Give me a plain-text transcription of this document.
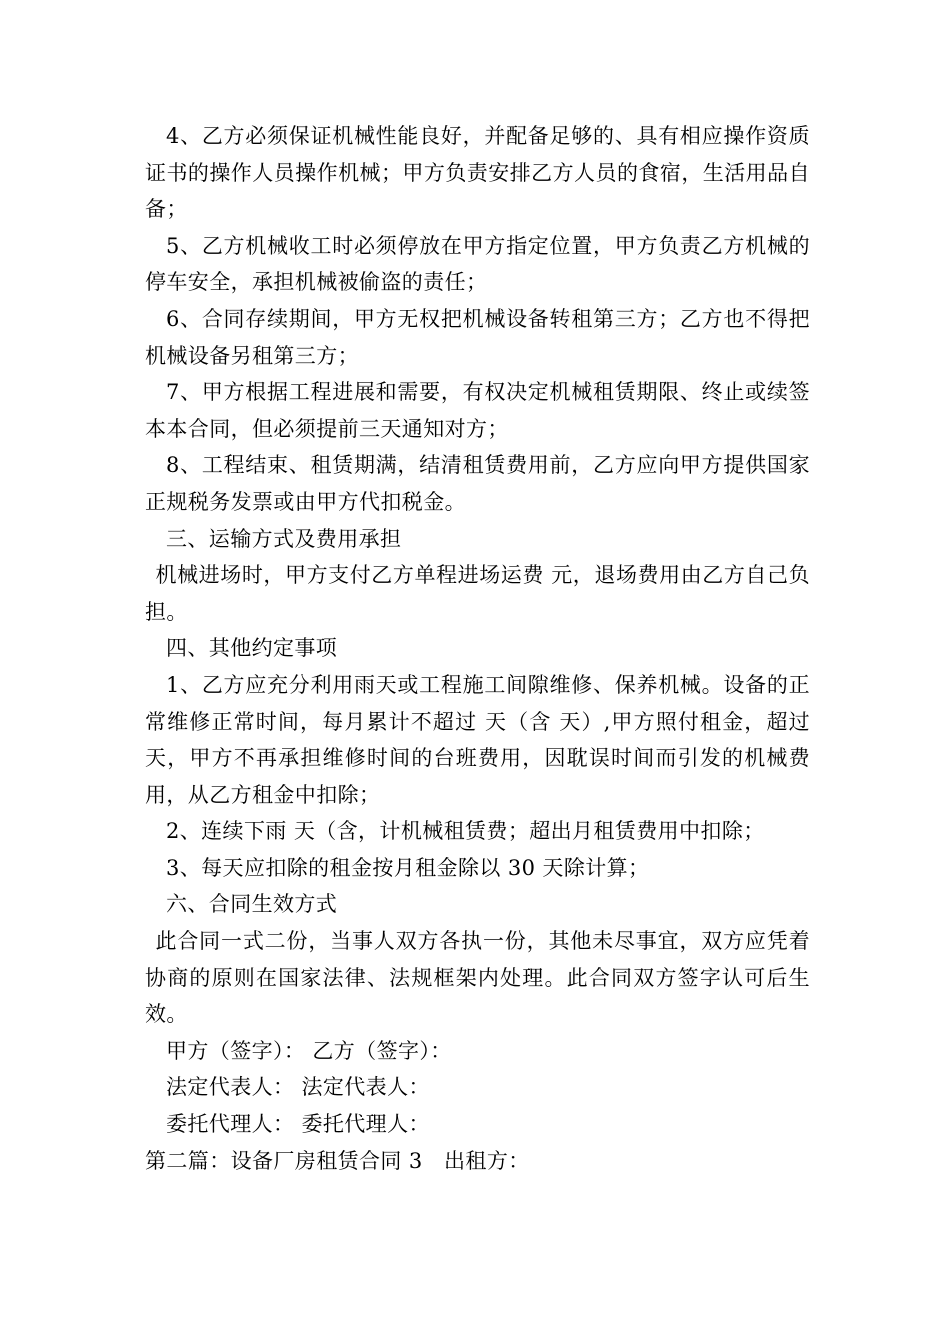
4、乙方必须保证机械性能良好，并配备足够的、具有相应操作资质证书的操作人员操作机械；甲方负责安排乙方人员的食宿，生活用品自备；

5、乙方机械收工时必须停放在甲方指定位置，甲方负责乙方机械的停车安全，承担机械被偷盗的责任；

6、合同存续期间，甲方无权把机械设备转租第三方；乙方也不得把机械设备另租第三方；

7、甲方根据工程进展和需要，有权决定机械租赁期限、终止或续签本本合同，但必须提前三天通知对方；

8、工程结束、租赁期满，结清租赁费用前，乙方应向甲方提供国家正规税务发票或由甲方代扣税金。

三、运输方式及费用承担

机械进场时，甲方支付乙方单程进场运费 元，退场费用由乙方自己负担。

四、其他约定事项

1、乙方应充分利用雨天或工程施工间隙维修、保养机械。设备的正常维修正常时间，每月累计不超过 天（含 天）,甲方照付租金，超过天，甲方不再承担维修时间的台班费用，因耽误时间而引发的机械费用，从乙方租金中扣除；

2、连续下雨 天（含，计机械租赁费；超出月租赁费用中扣除；

3、每天应扣除的租金按月租金除以 30 天除计算；

六、合同生效方式

此合同一式二份，当事人双方各执一份，其他未尽事宜，双方应凭着协商的原则在国家法律、法规框架内处理。此合同双方签字认可后生效。

甲方（签字）： 乙方（签字）：

法定代表人： 法定代表人：

委托代理人： 委托代理人：

第二篇：设备厂房租赁合同 3　出租方：
